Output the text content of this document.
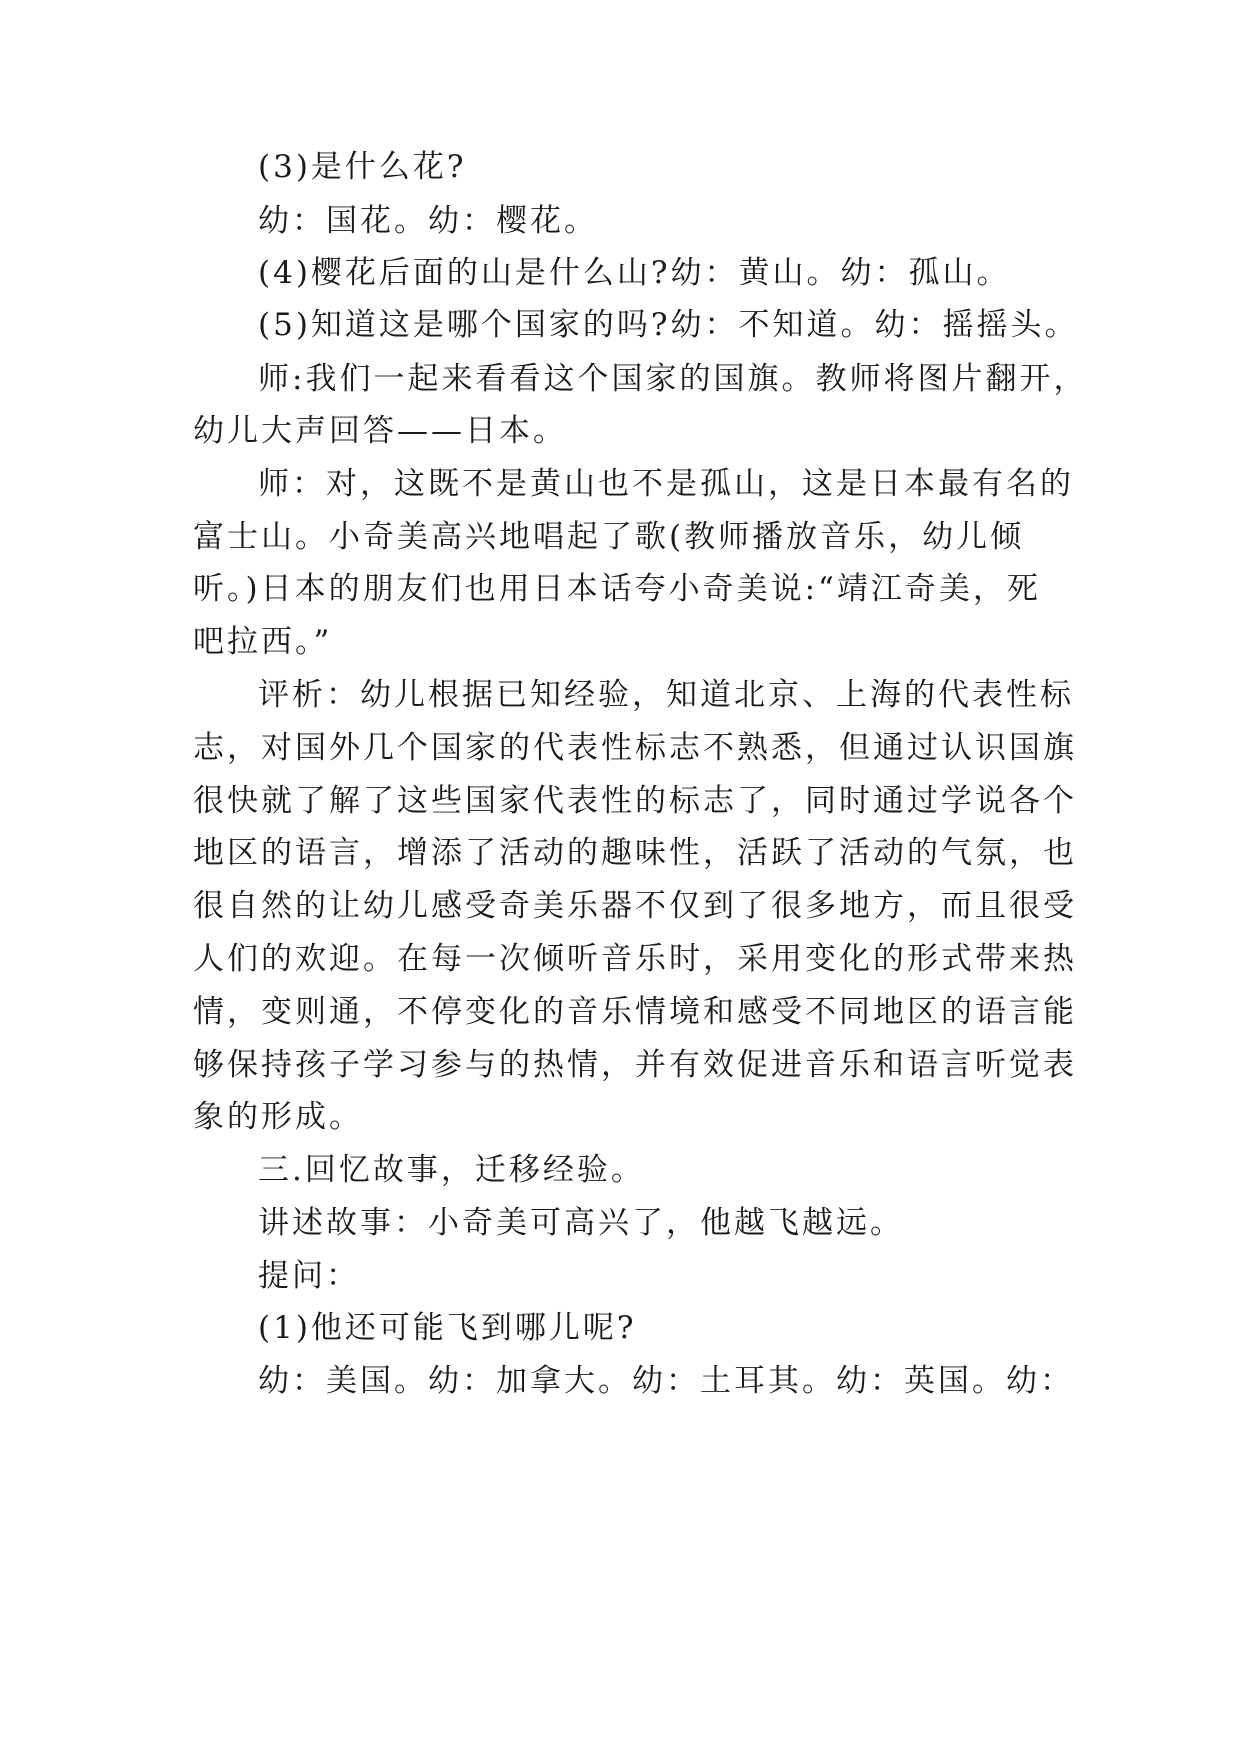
(3)是什么花?
幼：国花。幼：樱花。
(4)樱花后面的山是什么山?幼：黄山。幼：孤山。
(5)知道这是哪个国家的吗?幼：不知道。幼：摇摇头。
师:我们一起来看看这个国家的国旗。教师将图片翻开，
幼儿大声回答——日本。
师：对，这既不是黄山也不是孤山，这是日本最有名的
富士山。小奇美高兴地唱起了歌(教师播放音乐，幼儿倾
听。)日本的朋友们也用日本话夸小奇美说:“靖江奇美，死
吧拉西。”
评析：幼儿根据已知经验，知道北京、上海的代表性标
志，对国外几个国家的代表性标志不熟悉，但通过认识国旗
很快就了解了这些国家代表性的标志了，同时通过学说各个
地区的语言，增添了活动的趣味性，活跃了活动的气氛，也
很自然的让幼儿感受奇美乐器不仅到了很多地方，而且很受
人们的欢迎。在每一次倾听音乐时，采用变化的形式带来热
情，变则通，不停变化的音乐情境和感受不同地区的语言能
够保持孩子学习参与的热情，并有效促进音乐和语言听觉表
象的形成。
三.回忆故事，迁移经验。
讲述故事：小奇美可高兴了，他越飞越远。
提问：
(1)他还可能飞到哪儿呢?
幼：美国。幼：加拿大。幼：土耳其。幼：英国。幼：
